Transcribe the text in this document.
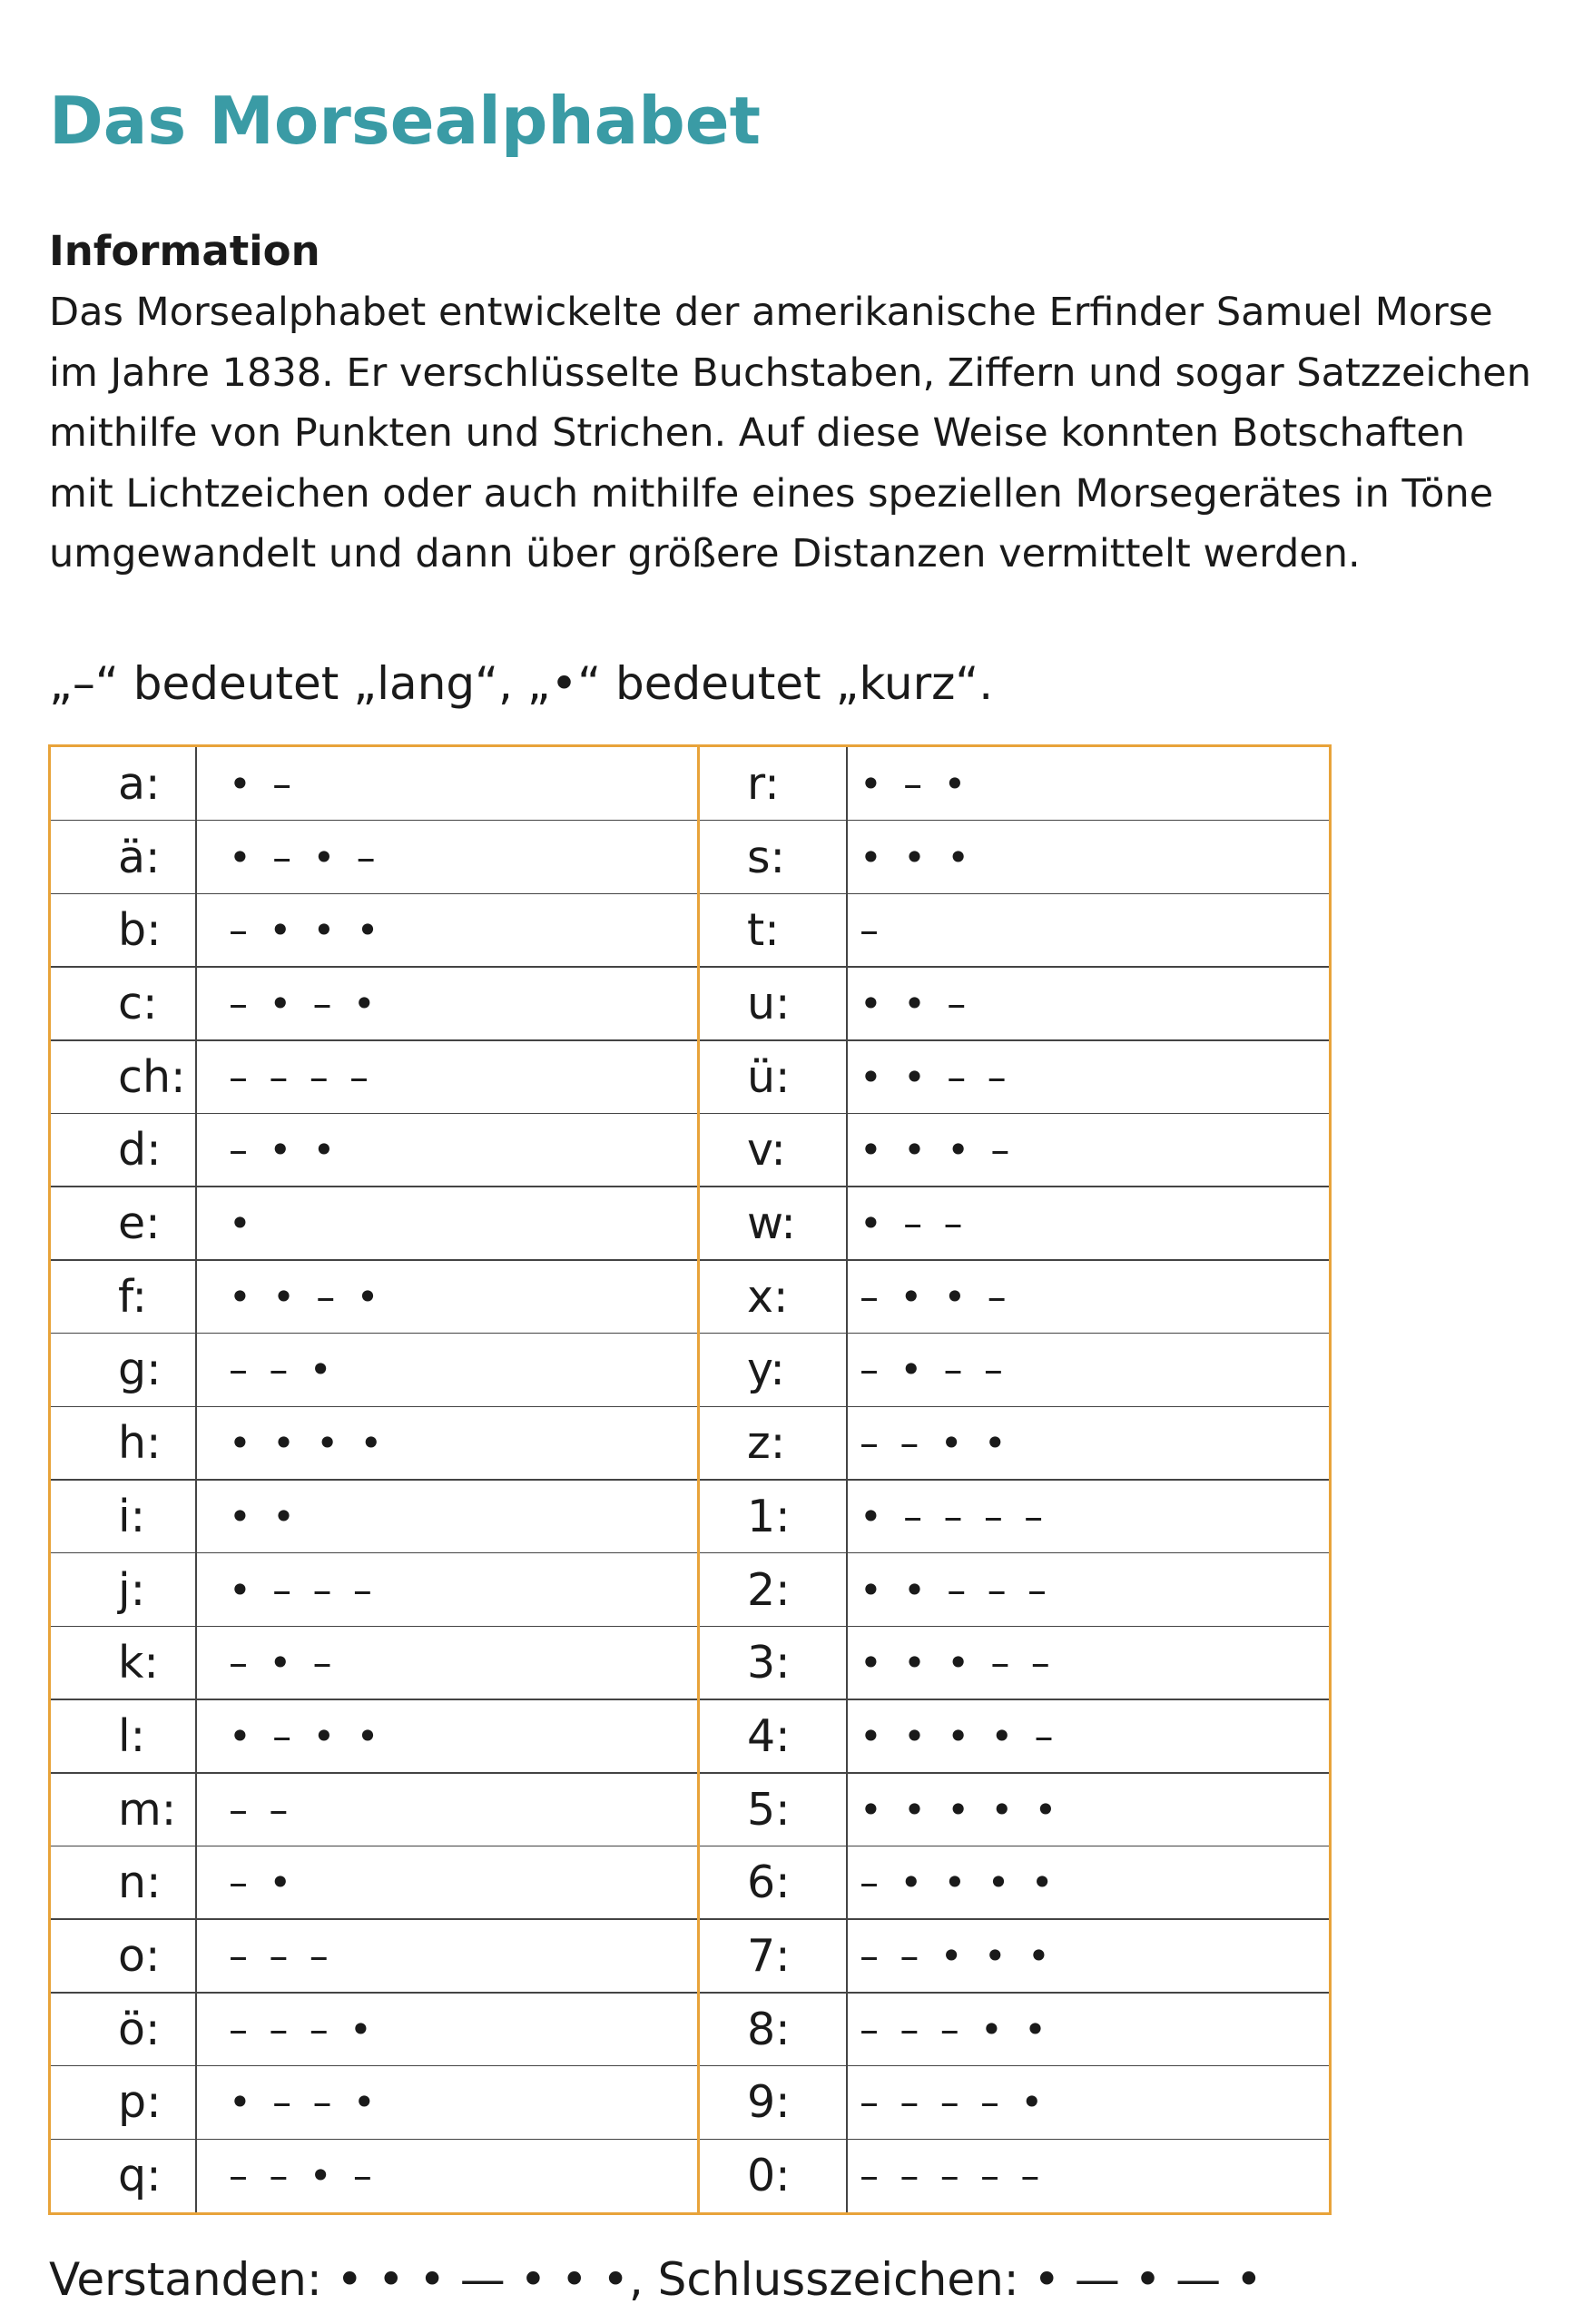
Das Morsealphabet
Information
Das Morsealphabet entwickelte der amerikanische Erfinder Samuel Morse
im Jahre 1838. Er verschlüsselte Buchstaben, Ziffern und sogar Satzzeichen
mithilfe von Punkten und Strichen. Auf diese Weise konnten Botschaften
mit Lichtzeichen oder auch mithilfe eines speziellen Morsegerätes in Töne
umgewandelt und dann über größere Distanzen vermittelt werden.
„–“ bedeutet „lang“, „•“ bedeutet „kurz“.
a:	• –	r:	• – •
ä:	• – • –	s:	• • •
b:	– • • •	t:	–
c:	– • – •	u:	• • –
ch:	– – – –	ü:	• • – –
d:	– • •	v:	• • • –
e:	•	w:	• – –
f:	• • – •	x:	– • • –
g:	– – •	y:	– • – –
h:	• • • •	z:	– – • •
i:	• •	1:	• – – – –
j:	• – – –	2:	• • – – –
k:	– • –	3:	• • • – –
l:	• – • •	4:	• • • • –
m:	– –	5:	• • • • •
n:	– •	6:	– • • • •
o:	– – –	7:	– – • • •
ö:	– – – •	8:	– – – • •
p:	• – – •	9:	– – – – •
q:	– – • –	0:	– – – – –
Verstanden: • • • — • • •, Schlusszeichen: • — • — •
